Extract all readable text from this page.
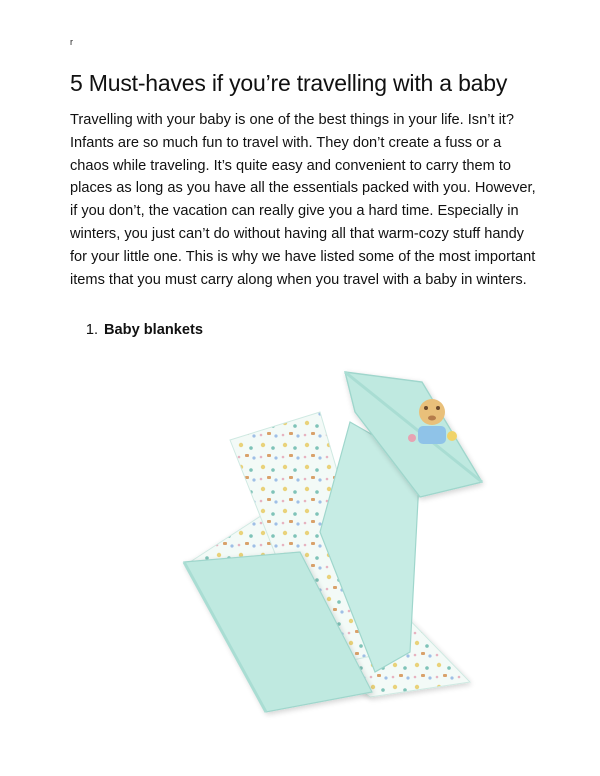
r
5 Must-haves if you’re travelling with a baby

Travelling with your baby is one of the best things in your life. Isn’t it? Infants are so much fun to travel with. They don’t create a fuss or a chaos while traveling. It’s quite easy and convenient to carry them to places as long as you have all the essentials packed with you. However, if you don’t, the vacation can really give you a hard time. Especially in winters, you just can’t do without having all that warm-cozy stuff handy for your little one. This is why we have listed some of the most important items that you must carry along when you travel with a baby in winters.

1. Baby blankets
